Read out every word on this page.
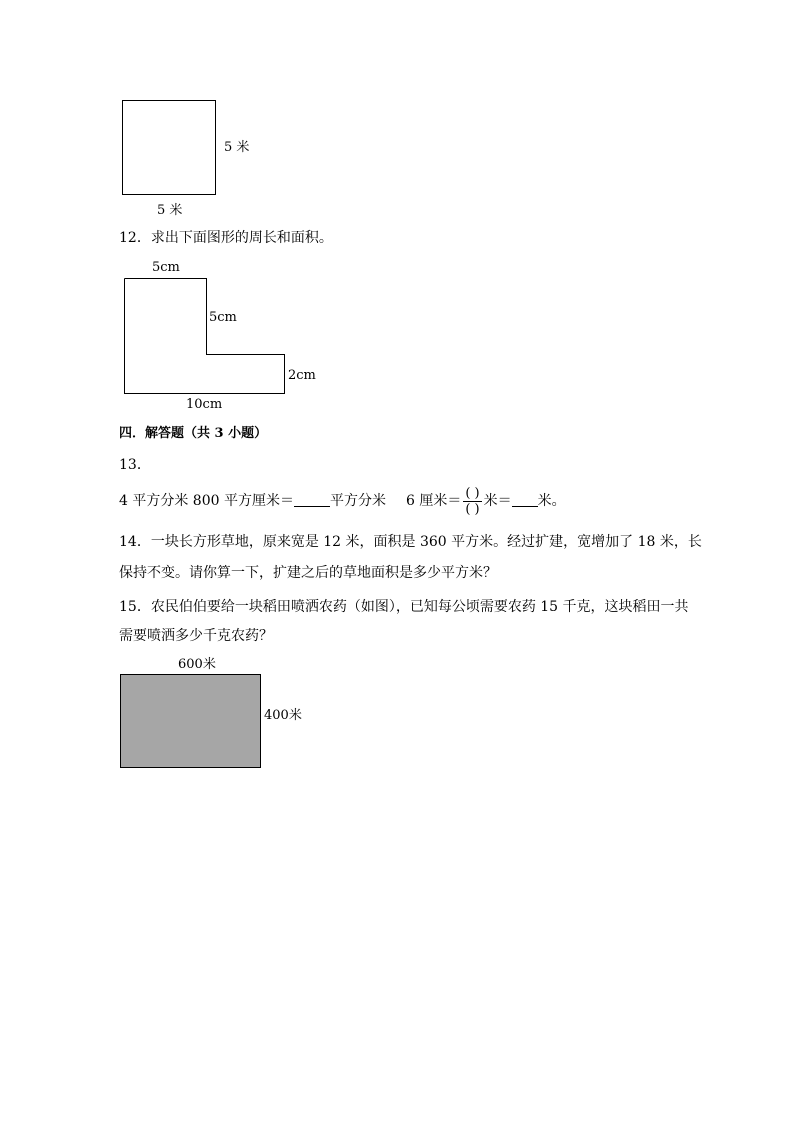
5 米
5 米
12．求出下面图形的周长和面积。
5cm
5cm
2cm
10cm
四．解答题（共 3 小题）
13．
4 平方分米 800 平方厘米＝	平方分米 6 厘米＝ $\frac{( )}{( )}$ 米＝ 米。
14．一块长方形草地，原来宽是 12 米，面积是 360 平方米。经过扩建，宽增加了 18 米，长
保持不变。请你算一下，扩建之后的草地面积是多少平方米？
15．农民伯伯要给一块稻田喷洒农药（如图），已知每公顷需要农药 15 千克，这块稻田一共
需要喷洒多少千克农药？
600米
400米
